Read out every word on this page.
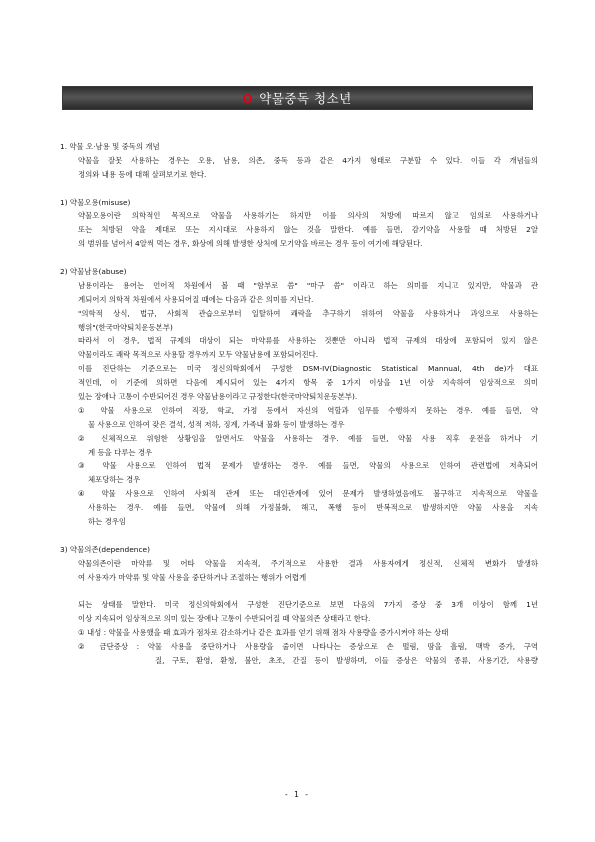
약물중독 청소년
1. 약물 오·남용 및 중독의 개념
약물을 잘못 사용하는 경우는 오용, 남용, 의존, 중독 등과 같은 4가지 형태로 구분할 수 있다. 이들 각 개념들의
정의와 내용 등에 대해 살펴보기로 한다.
1) 약물오용(misuse)
약물오용이란 의학적인 목적으로 약물을 사용하기는 하지만 이를 의사의 처방에 따르지 않고 임의로 사용하거나
또는 처방된 약을 제대로 또는 지시대로 사용하지 않는 것을 말한다. 예를 들면, 감기약을 사용할 때 처방된 2알
의 범위를 넘어서 4알씩 먹는 경우, 화상에 의해 발생한 상처에 모기약을 바르는 경우 등이 여기에 해당된다.
2) 약물남용(abuse)
남용이라는 용어는 언어적 차원에서 볼 때 "함부로 씀" "마구 씀" 이라고 하는 의미를 지니고 있지만, 약물과 관
계되어지 의학적 차원에서 사용되어질 때에는 다음과 같은 의미를 지닌다.
"의학적 상식, 법규, 사회적 관습으로부터 일탈하여 쾌락을 추구하기 위하여 약물을 사용하거나 과잉으로 사용하는
행위"(한국마약퇴치운동본부)
따라서 이 경우, 법적 규제의 대상이 되는 마약류를 사용하는 것뿐만 아니라 법적 규제의 대상에 포함되어 있지 않은
약물이라도 쾌락 목적으로 사용할 경우까지 모두 약물남용에 포함되어진다.
이를 진단하는 기준으로는 미국 정신의학회에서 구성한 DSM-IV(Diagnostic Statistical Mannual, 4th de)가 대표
적인데, 이 기준에 의하면 다음에 제시되어 있는 4가지 항목 중 1가지 이상을 1년 이상 지속하여 임상적으로 의미
있는 장애나 고통이 수반되어진 경우 약물남용이라고 규정한다(한국마약퇴치운동본부).
① 약물 사용으로 인하여 직장, 학교, 가정 등에서 자신의 역할과 임무를 수행하지 못하는 경우. 예를 들면, 약
물 사용으로 인하여 잦은 결석, 성적 저하, 징계, 가족내 불화 등이 발생하는 경우
② 신체적으로 위험한 상황임을 알면서도 약물을 사용하는 경우. 예를 들면, 약물 사용 직후 운전을 하거나 기
계 등을 다루는 경우
③ 약물 사용으로 인하여 법적 문제가 발생하는 경우. 예를 들면, 약물의 사용으로 인하여 관련법에 저촉되어
체포당하는 경우
④ 약물 사용으로 인하여 사회적 관계 또는 대인관계에 있어 문제가 발생하였음에도 불구하고 지속적으로 약물을
사용하는 경우. 예를 들면, 약물에 의해 가정불화, 해고, 폭행 등이 반복적으로 발생하지만 약물 사용을 지속
하는 경우임
3) 약물의존(dependence)
약물의존이란 마약류 및 어타 약물을 지속적, 주기적으로 사용한 결과 사용자에게 정신적, 신체적 변화가 발생하
여 사용자가 마약류 및 약물 사용을 중단하거나 조절하는 행위가 어렵게
되는 상태를 말한다. 미국 정신의학회에서 구성한 진단기준으로 보면 다음의 7가지 증상 중 3개 이상이 함께 1년
이상 지속되어 임상적으로 의미 있는 장애나 고통이 수반되어질 때 약물의존 상태라고 한다.
① 내성 : 약물을 사용했을 때 효과가 점차로 감소하거나 같은 효과를 얻기 위해 점차 사용량을 증가시켜야 하는 상태
② 금단증상 : 약물 사용을 중단하거나 사용량을 줄이면 나타나는 증상으로 손 떨림, 땀을 흘림, 맥박 증가, 구역
질, 구토, 환영, 환청, 불안, 초조, 간질 등이 발생하며, 이들 증상은 약물의 종류, 사용기간, 사용량
- 1 -
